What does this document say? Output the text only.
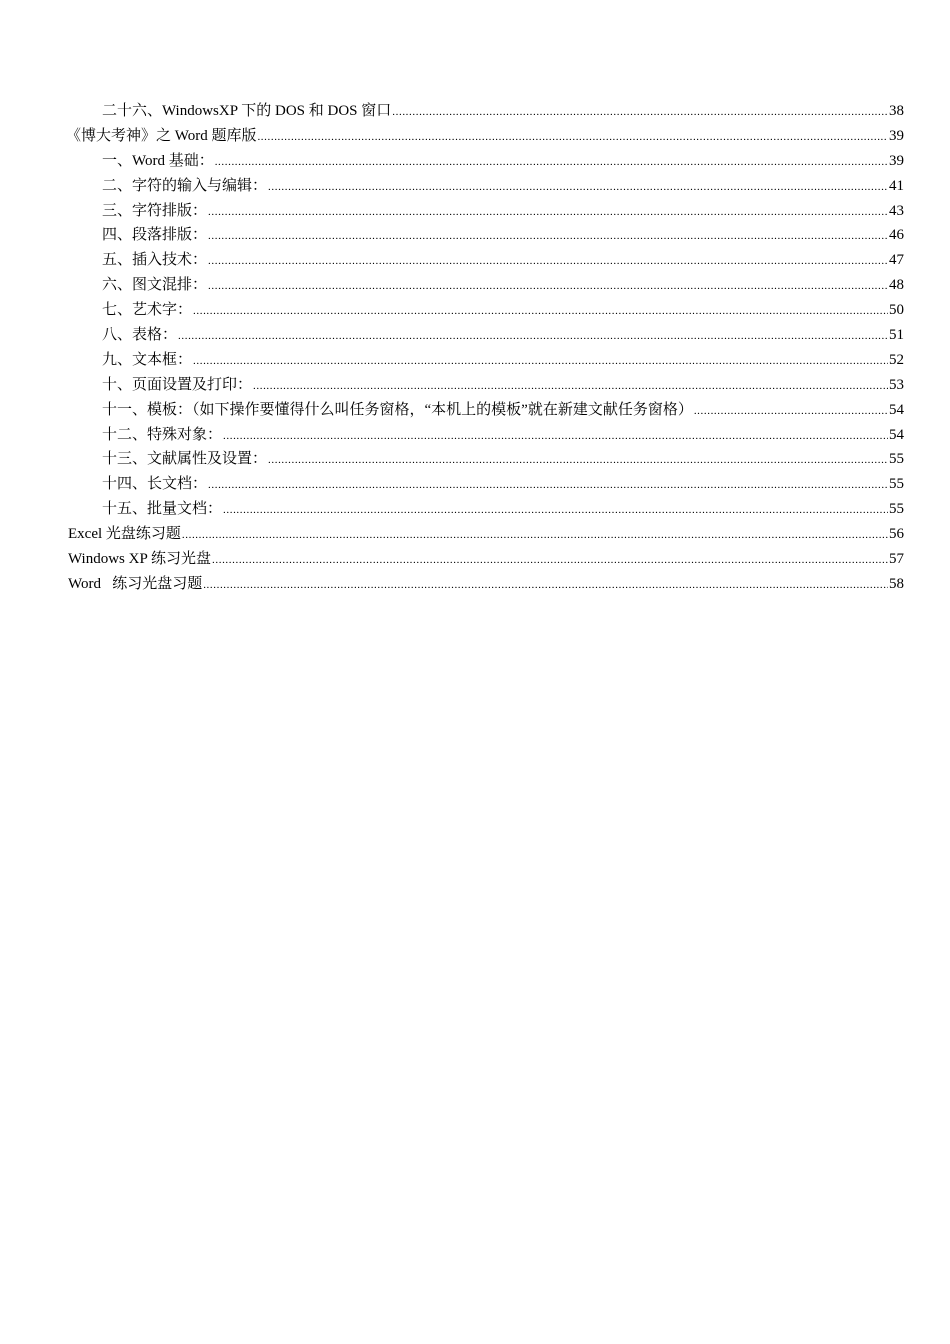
二十六、WindowsXP 下的 DOS 和 DOS 窗口 .....	38
《博大考神》之 Word 题库版 .....	39
一、Word 基础： .....	39
二、字符的输入与编辑： .....	41
三、字符排版： .....	43
四、段落排版： .....	46
五、插入技术： .....	47
六、图文混排： .....	48
七、艺术字： .....	50
八、表格： .....	51
九、文本框： .....	52
十、页面设置及打印： .....	53
十一、模板：（如下操作要懂得什么叫任务窗格，“本机上的模板”就在新建文献任务窗格） .....	54
十二、特殊对象： .....	54
十三、文献属性及设置： .....	55
十四、长文档： .....	55
十五、批量文档： .....	55
Excel 光盘练习题 .....	56
Windows XP 练习光盘 .....	57
Word   练习光盘习题 .....	58
